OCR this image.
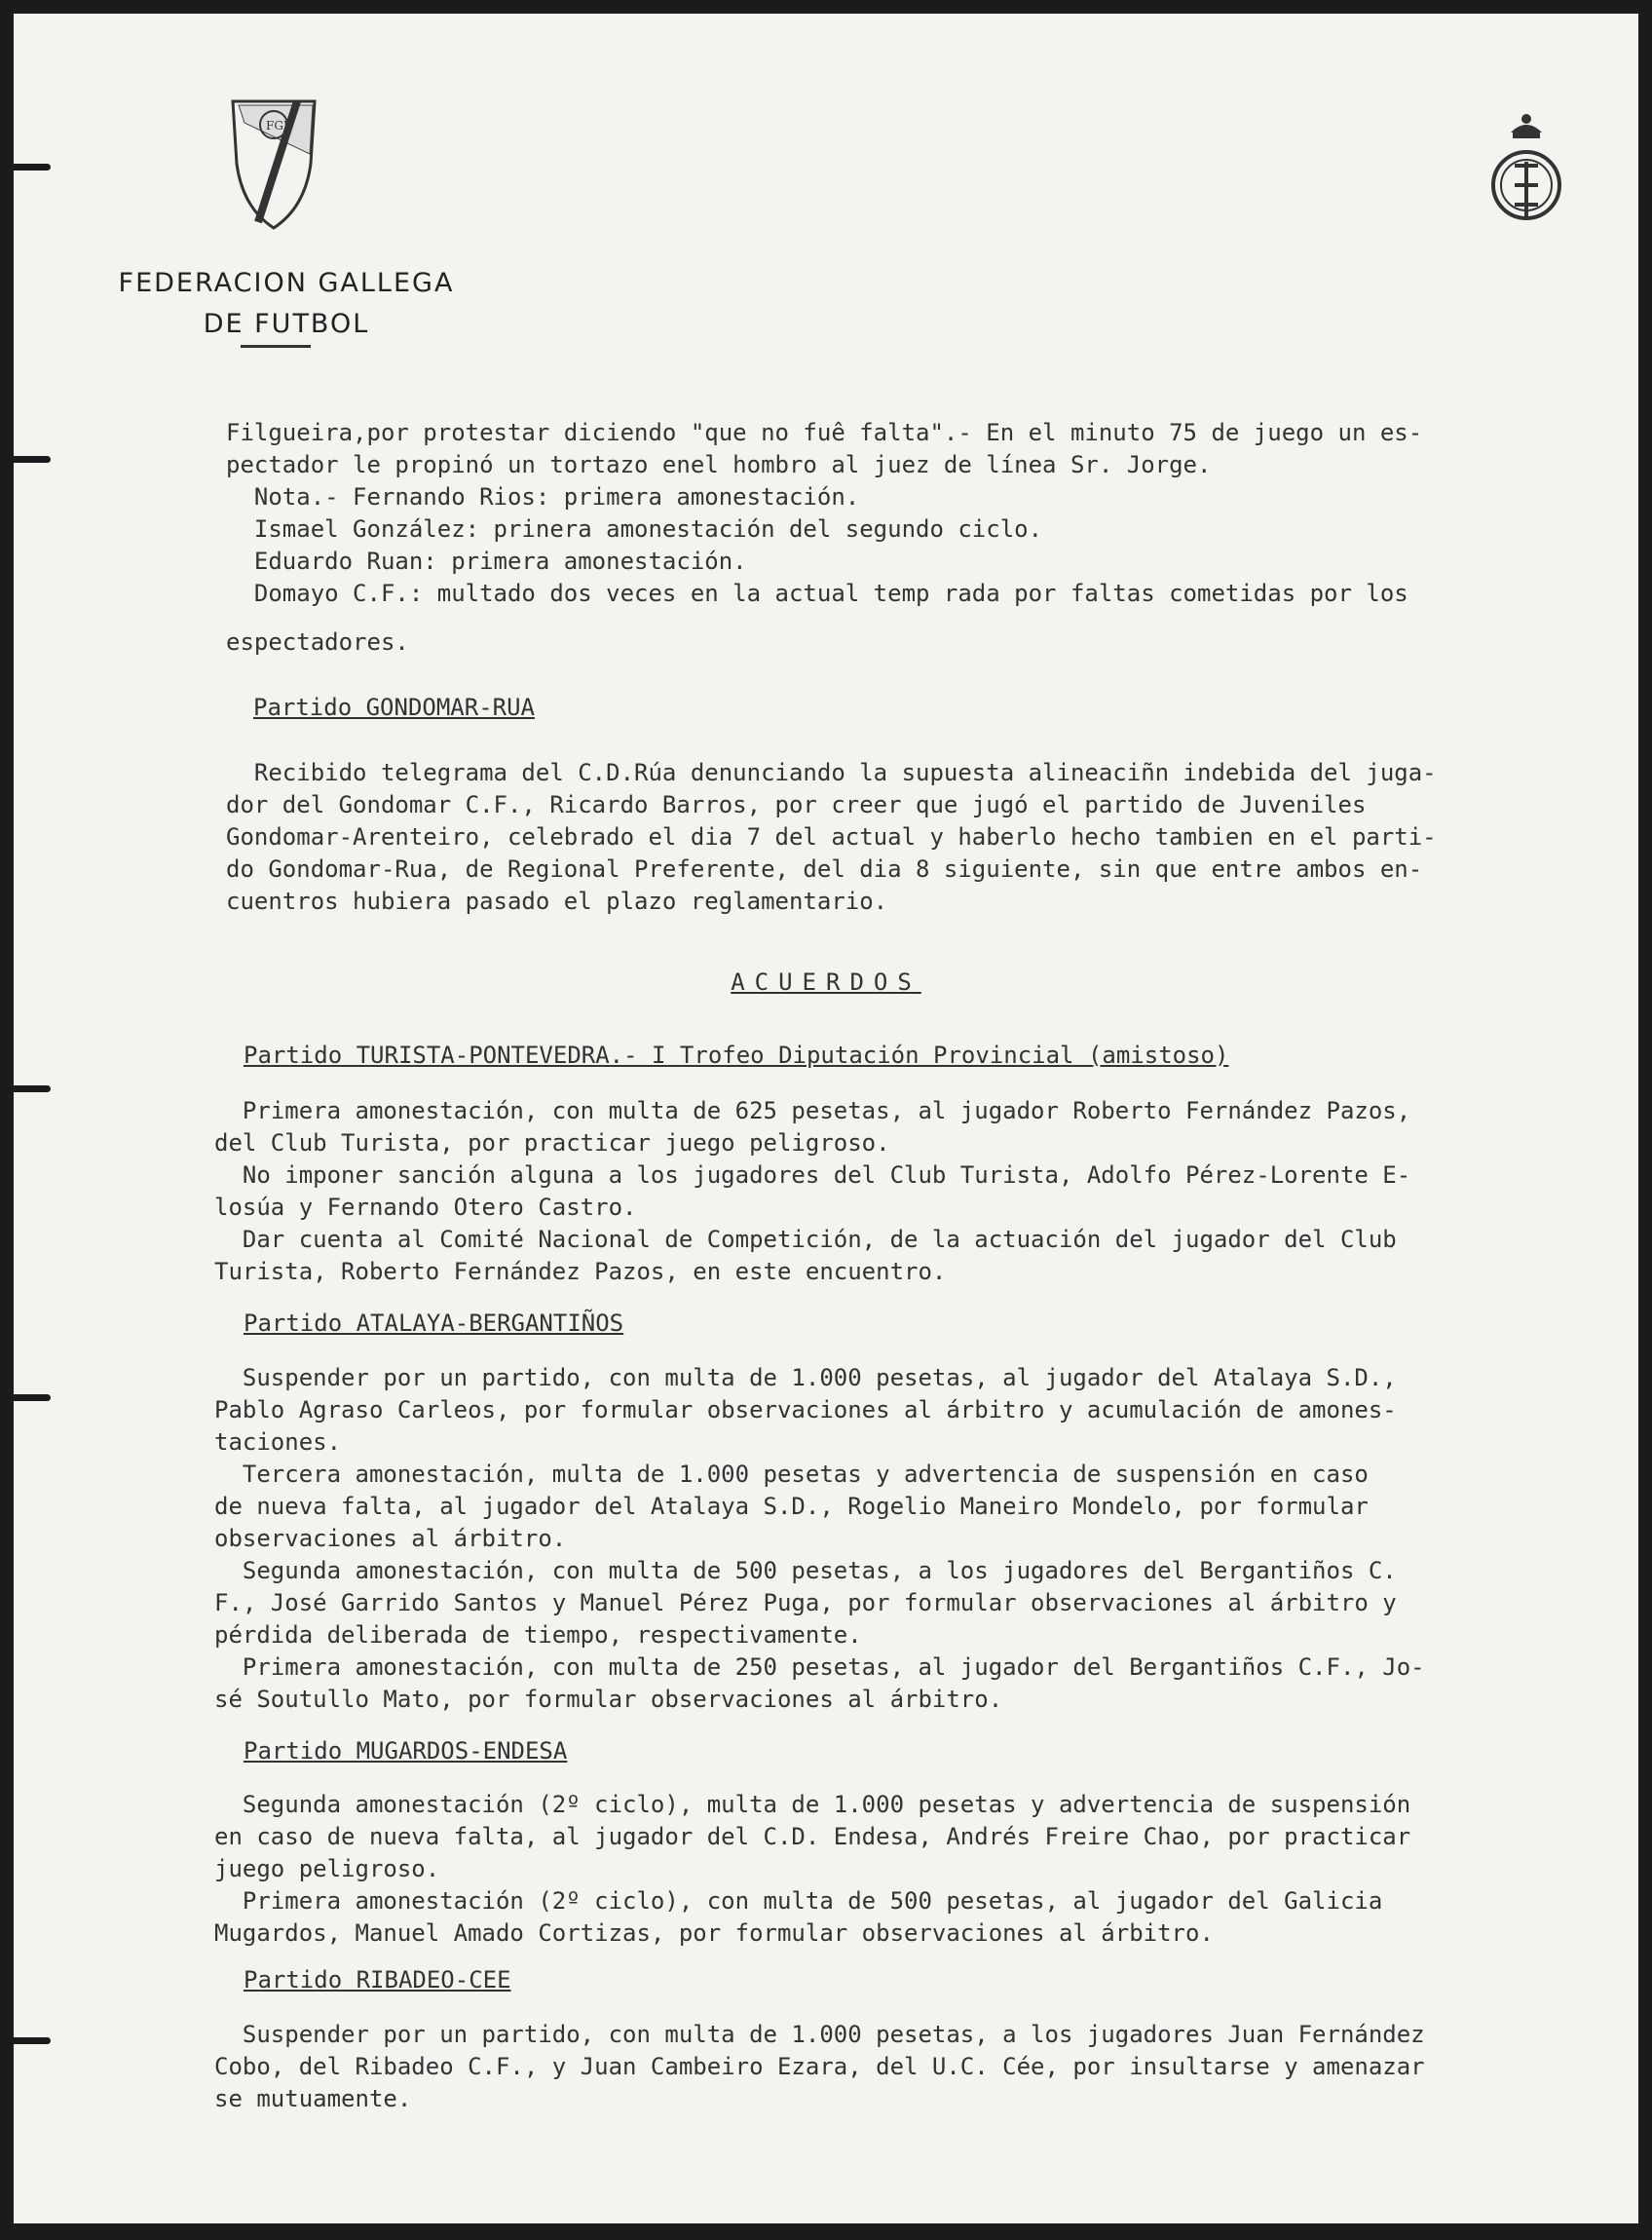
FGF
FEDERACION GALLEGA
DE FUTBOL

Filgueira,por protestar diciendo "que no fuê falta".- En el minuto 75 de juego un es-

pectador le propinó un tortazo enel hombro al juez de línea Sr. Jorge.

Nota.- Fernando Rios: primera amonestación.

Ismael González: prinera amonestación del segundo ciclo.

Eduardo Ruan: primera amonestación.

Domayo C.F.: multado dos veces en la actual temp rada por faltas cometidas por los

espectadores.

Partido GONDOMAR-RUA

Recibido telegrama del C.D.Rúa denunciando la supuesta alineaciñn indebida del juga-

dor del Gondomar C.F., Ricardo Barros, por creer que jugó el partido de Juveniles

Gondomar-Arenteiro, celebrado el dia 7 del actual y haberlo hecho tambien en el parti-

do Gondomar-Rua, de Regional Preferente, del dia 8 siguiente, sin que entre ambos en-

cuentros hubiera pasado el plazo reglamentario.

ACUERDOS

Partido TURISTA-PONTEVEDRA.- I Trofeo Diputación Provincial (amistoso)

Primera amonestación, con multa de 625 pesetas, al jugador Roberto Fernández Pazos,

del Club Turista, por practicar juego peligroso.

No imponer sanción alguna a los jugadores del Club Turista, Adolfo Pérez-Lorente E-

losúa y Fernando Otero Castro.

Dar cuenta al Comité Nacional de Competición, de la actuación del jugador del Club

Turista, Roberto Fernández Pazos, en este encuentro.

Partido ATALAYA-BERGANTIÑOS

Suspender por un partido, con multa de 1.000 pesetas, al jugador del Atalaya S.D.,

Pablo Agraso Carleos, por formular observaciones al árbitro y acumulación de amones-

taciones.

Tercera amonestación, multa de 1.000 pesetas y advertencia de suspensión en caso

de nueva falta, al jugador del Atalaya S.D., Rogelio Maneiro Mondelo, por formular

observaciones al árbitro.

Segunda amonestación, con multa de 500 pesetas, a los jugadores del Bergantiños C.

F., José Garrido Santos y Manuel Pérez Puga, por formular observaciones al árbitro y

pérdida deliberada de tiempo, respectivamente.

Primera amonestación, con multa de 250 pesetas, al jugador del Bergantiños C.F., Jo-

sé Soutullo Mato, por formular observaciones al árbitro.

Partido MUGARDOS-ENDESA

Segunda amonestación (2º ciclo), multa de 1.000 pesetas y advertencia de suspensión

en caso de nueva falta, al jugador del C.D. Endesa, Andrés Freire Chao, por practicar

juego peligroso.

Primera amonestación (2º ciclo), con multa de 500 pesetas, al jugador del Galicia

Mugardos, Manuel Amado Cortizas, por formular observaciones al árbitro.

Partido RIBADEO-CEE

Suspender por un partido, con multa de 1.000 pesetas, a los jugadores Juan Fernández

Cobo, del Ribadeo C.F., y Juan Cambeiro Ezara, del U.C. Cée, por insultarse y amenazar

se mutuamente.
